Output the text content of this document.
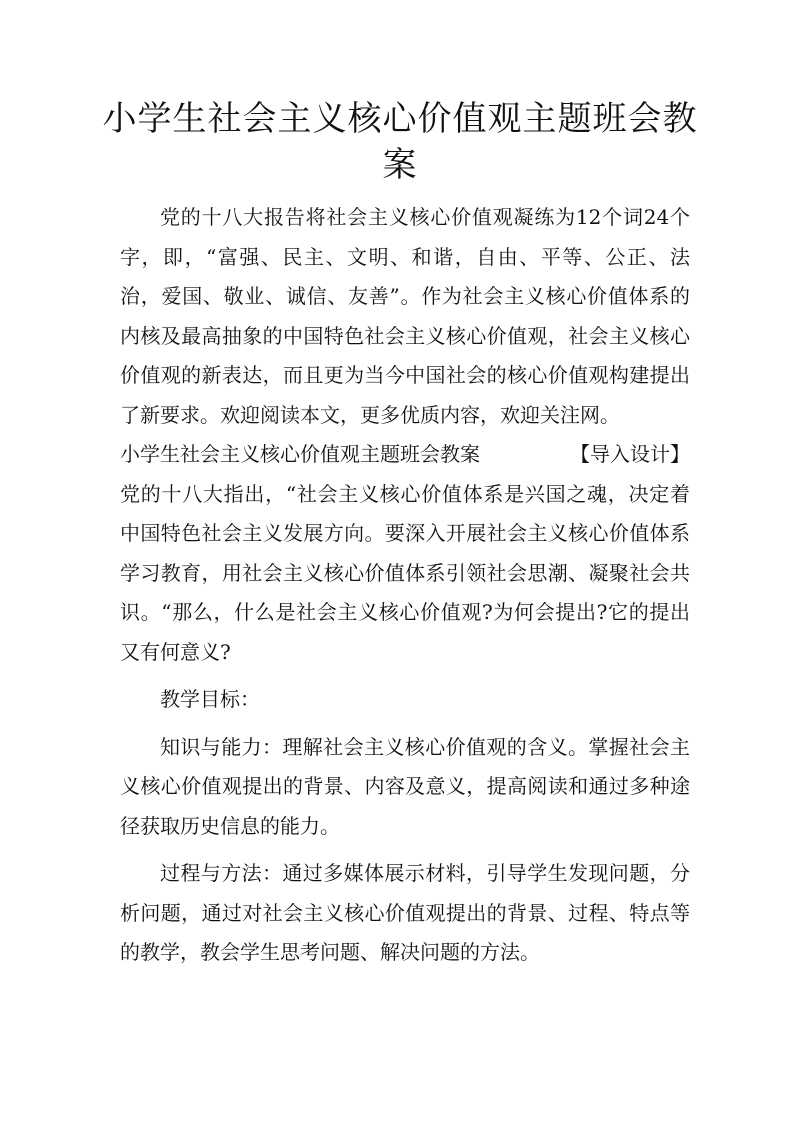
小学生社会主义核心价值观主题班会教案

党的十八大报告将社会主义核心价值观凝练为12个词24个字，即，“富强、民主、文明、和谐，自由、平等、公正、法治，爱国、敬业、诚信、友善”。作为社会主义核心价值体系的内核及最高抽象的中国特色社会主义核心价值观，社会主义核心价值观的新表达，而且更为当今中国社会的核心价值观构建提出了新要求。欢迎阅读本文，更多优质内容，欢迎关注网。

小学生社会主义核心价值观主题班会教案	【导入设计】

党的十八大指出，“社会主义核心价值体系是兴国之魂，决定着中国特色社会主义发展方向。要深入开展社会主义核心价值体系学习教育，用社会主义核心价值体系引领社会思潮、凝聚社会共识。“那么，什么是社会主义核心价值观?为何会提出?它的提出又有何意义?

教学目标：

知识与能力：理解社会主义核心价值观的含义。掌握社会主义核心价值观提出的背景、内容及意义，提高阅读和通过多种途径获取历史信息的能力。

过程与方法：通过多媒体展示材料，引导学生发现问题，分析问题，通过对社会主义核心价值观提出的背景、过程、特点等的教学，教会学生思考问题、解决问题的方法。
